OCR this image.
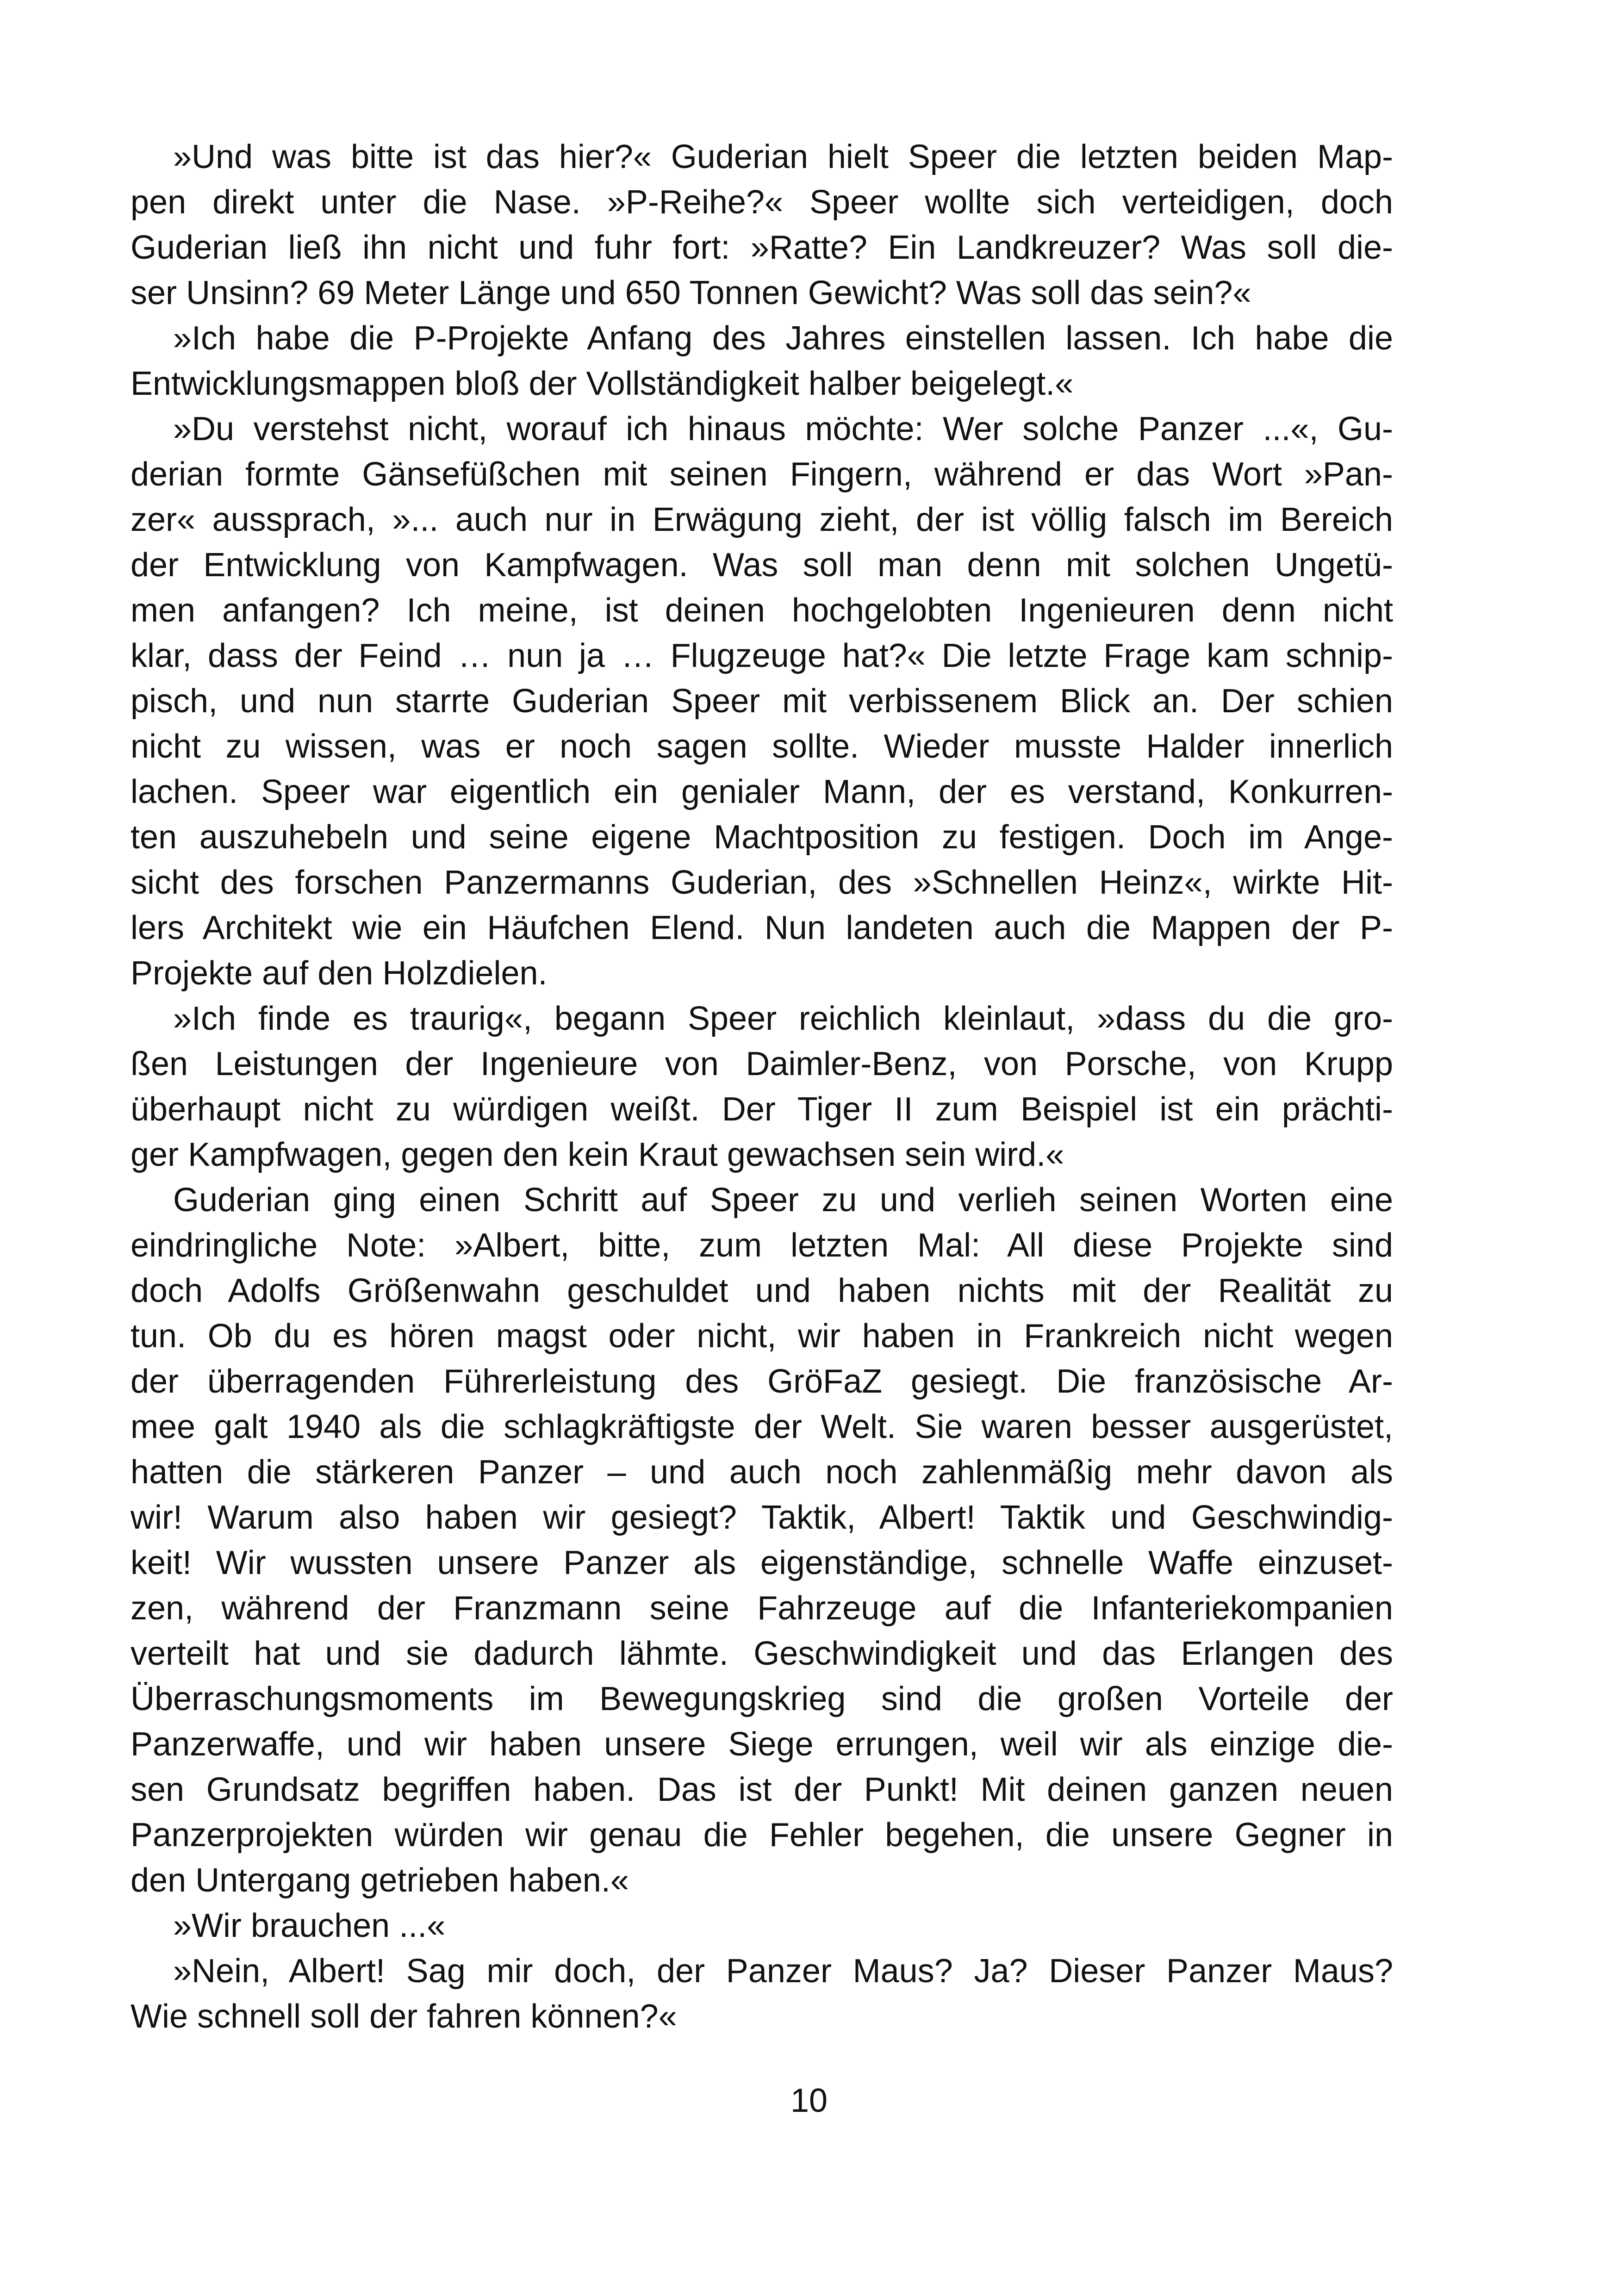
»Und was bitte ist das hier?« Guderian hielt Speer die letzten beiden Map-
pen direkt unter die Nase. »P-Reihe?« Speer wollte sich verteidigen, doch
Guderian ließ ihn nicht und fuhr fort: »Ratte? Ein Landkreuzer? Was soll die-
ser Unsinn? 69 Meter Länge und 650 Tonnen Gewicht? Was soll das sein?«
»Ich habe die P-Projekte Anfang des Jahres einstellen lassen. Ich habe die
Entwicklungsmappen bloß der Vollständigkeit halber beigelegt.«
»Du verstehst nicht, worauf ich hinaus möchte: Wer solche Panzer ...«, Gu-
derian formte Gänsefüßchen mit seinen Fingern, während er das Wort »Pan-
zer« aussprach, »... auch nur in Erwägung zieht, der ist völlig falsch im Bereich
der Entwicklung von Kampfwagen. Was soll man denn mit solchen Ungetü-
men anfangen? Ich meine, ist deinen hochgelobten Ingenieuren denn nicht
klar, dass der Feind … nun ja … Flugzeuge hat?« Die letzte Frage kam schnip-
pisch, und nun starrte Guderian Speer mit verbissenem Blick an. Der schien
nicht zu wissen, was er noch sagen sollte. Wieder musste Halder innerlich
lachen. Speer war eigentlich ein genialer Mann, der es verstand, Konkurren-
ten auszuhebeln und seine eigene Machtposition zu festigen. Doch im Ange-
sicht des forschen Panzermanns Guderian, des »Schnellen Heinz«, wirkte Hit-
lers Architekt wie ein Häufchen Elend. Nun landeten auch die Mappen der P-
Projekte auf den Holzdielen.
»Ich finde es traurig«, begann Speer reichlich kleinlaut, »dass du die gro-
ßen Leistungen der Ingenieure von Daimler-Benz, von Porsche, von Krupp
überhaupt nicht zu würdigen weißt. Der Tiger II zum Beispiel ist ein prächti-
ger Kampfwagen, gegen den kein Kraut gewachsen sein wird.«
Guderian ging einen Schritt auf Speer zu und verlieh seinen Worten eine
eindringliche Note: »Albert, bitte, zum letzten Mal: All diese Projekte sind
doch Adolfs Größenwahn geschuldet und haben nichts mit der Realität zu
tun. Ob du es hören magst oder nicht, wir haben in Frankreich nicht wegen
der überragenden Führerleistung des GröFaZ gesiegt. Die französische Ar-
mee galt 1940 als die schlagkräftigste der Welt. Sie waren besser ausgerüstet,
hatten die stärkeren Panzer – und auch noch zahlenmäßig mehr davon als
wir! Warum also haben wir gesiegt? Taktik, Albert! Taktik und Geschwindig-
keit! Wir wussten unsere Panzer als eigenständige, schnelle Waffe einzuset-
zen, während der Franzmann seine Fahrzeuge auf die Infanteriekompanien
verteilt hat und sie dadurch lähmte. Geschwindigkeit und das Erlangen des
Überraschungsmoments im Bewegungskrieg sind die großen Vorteile der
Panzerwaffe, und wir haben unsere Siege errungen, weil wir als einzige die-
sen Grundsatz begriffen haben. Das ist der Punkt! Mit deinen ganzen neuen
Panzerprojekten würden wir genau die Fehler begehen, die unsere Gegner in
den Untergang getrieben haben.«
»Wir brauchen ...«
»Nein, Albert! Sag mir doch, der Panzer Maus? Ja? Dieser Panzer Maus?
Wie schnell soll der fahren können?«
10
